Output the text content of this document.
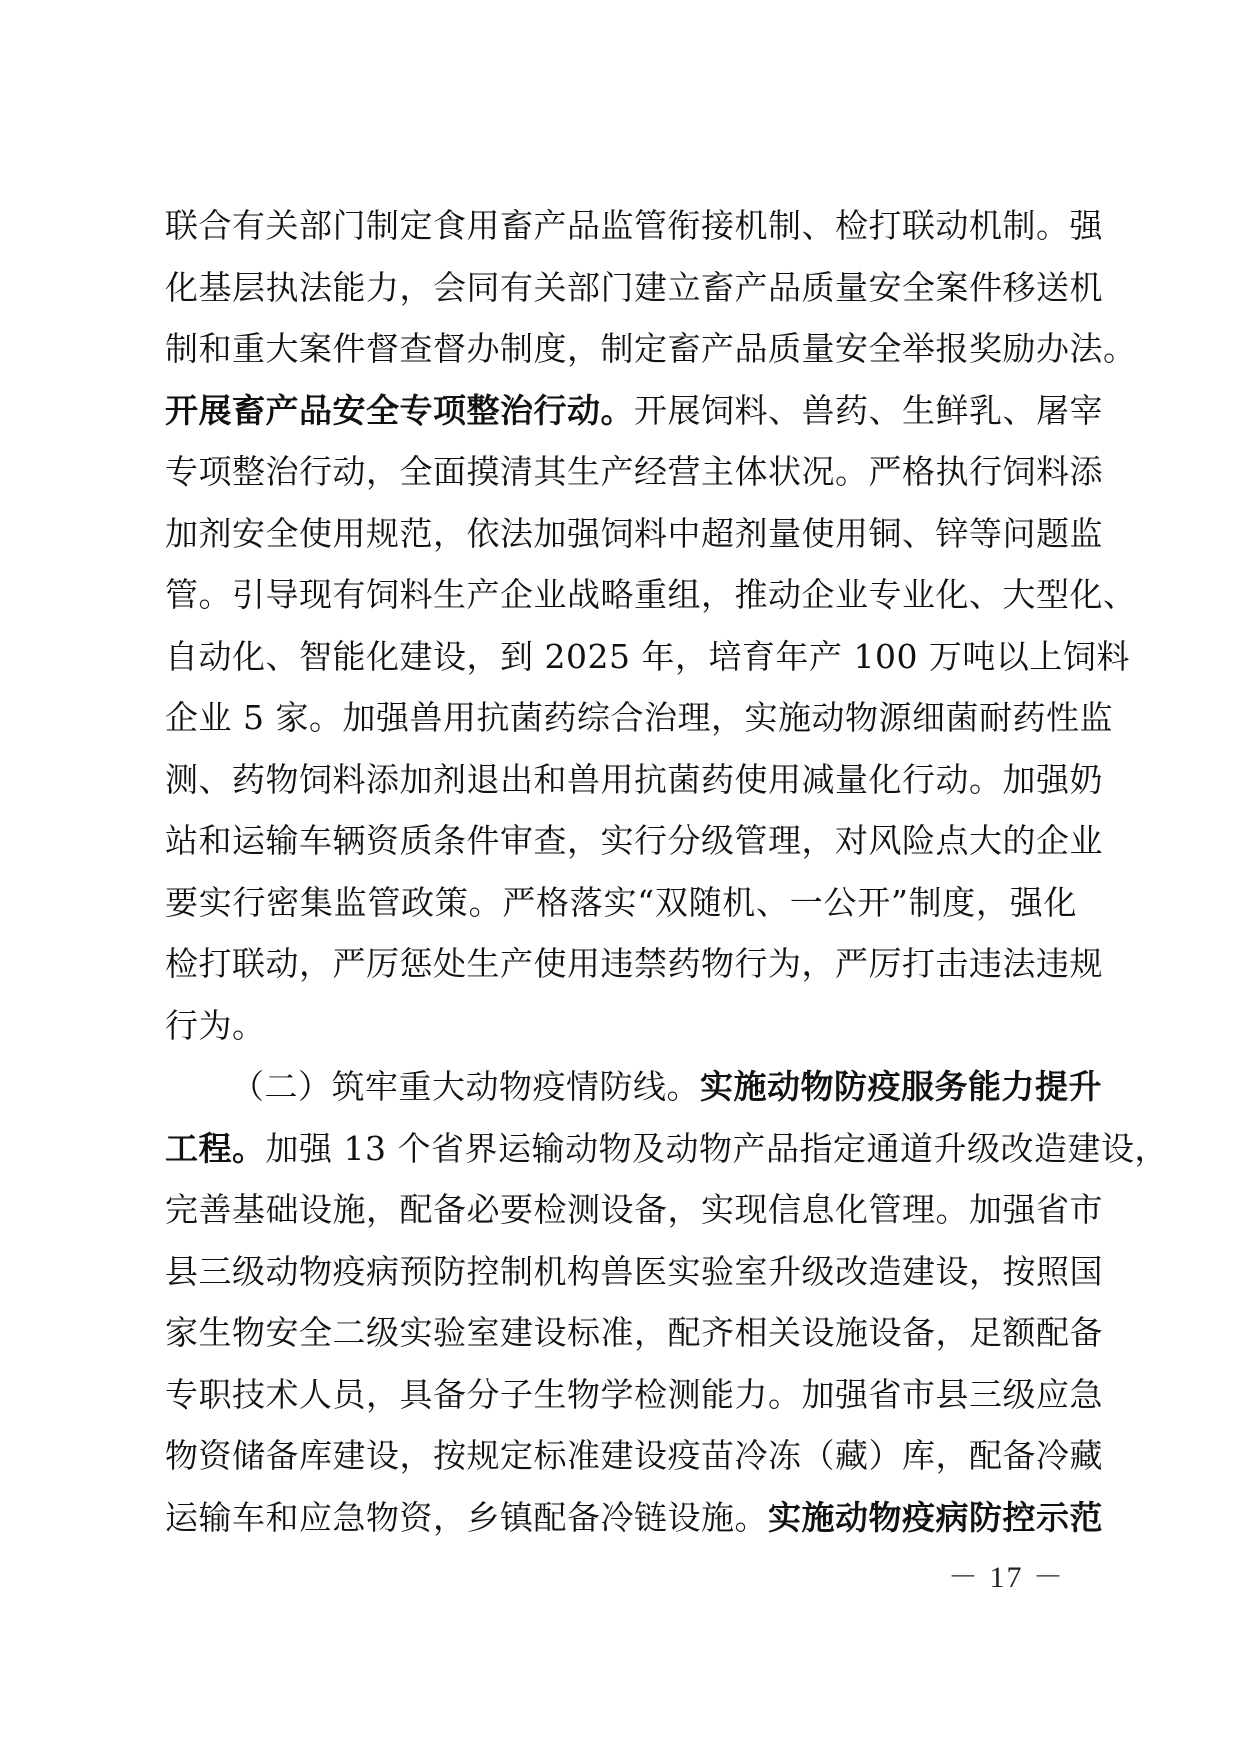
联合有关部门制定食用畜产品监管衔接机制、检打联动机制。强
化基层执法能力，会同有关部门建立畜产品质量安全案件移送机
制和重大案件督查督办制度，制定畜产品质量安全举报奖励办法。
开展畜产品安全专项整治行动。开展饲料、兽药、生鲜乳、屠宰
专项整治行动，全面摸清其生产经营主体状况。严格执行饲料添
加剂安全使用规范，依法加强饲料中超剂量使用铜、锌等问题监
管。引导现有饲料生产企业战略重组，推动企业专业化、大型化、
自动化、智能化建设，到 2025 年，培育年产 100 万吨以上饲料
企业 5 家。加强兽用抗菌药综合治理，实施动物源细菌耐药性监
测、药物饲料添加剂退出和兽用抗菌药使用减量化行动。加强奶
站和运输车辆资质条件审查，实行分级管理，对风险点大的企业
要实行密集监管政策。严格落实“双随机、一公开”制度，强化
检打联动，严厉惩处生产使用违禁药物行为，严厉打击违法违规
行为。
（二）筑牢重大动物疫情防线。实施动物防疫服务能力提升
工程。加强 13 个省界运输动物及动物产品指定通道升级改造建设，
完善基础设施，配备必要检测设备，实现信息化管理。加强省市
县三级动物疫病预防控制机构兽医实验室升级改造建设，按照国
家生物安全二级实验室建设标准，配齐相关设施设备，足额配备
专职技术人员，具备分子生物学检测能力。加强省市县三级应急
物资储备库建设，按规定标准建设疫苗冷冻（藏）库，配备冷藏
运输车和应急物资，乡镇配备冷链设施。实施动物疫病防控示范
－ 17 －
